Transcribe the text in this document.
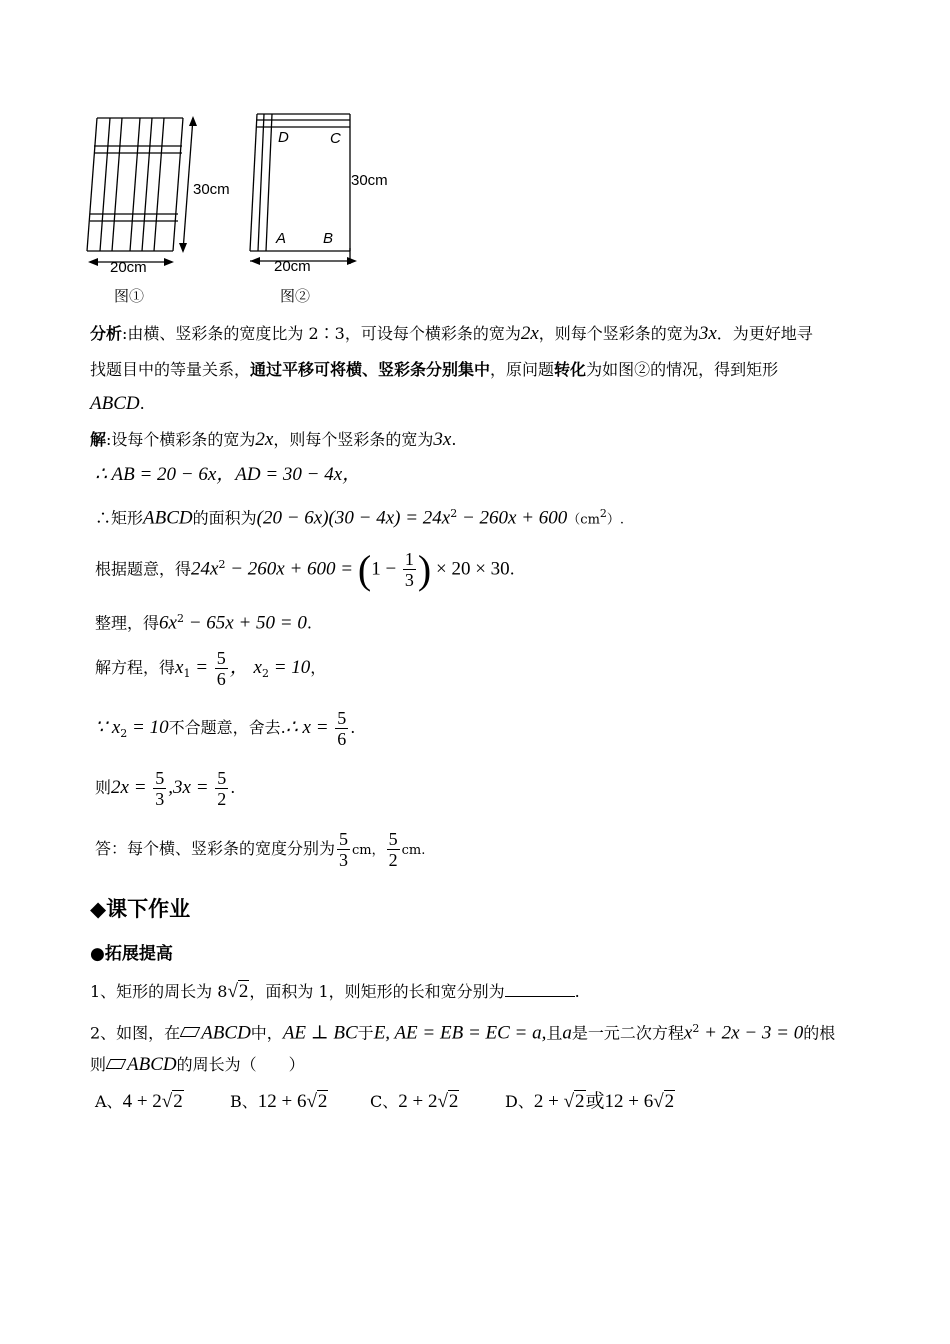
30cm
20cm
图①
D	C
A B
30cm
20cm
图②
分析:由横、竖彩条的宽度比为 2∶3，可设每个横彩条的宽为2x，则每个竖彩条的宽为3x．为更好地寻
找题目中的等量关系，通过平移可将横、竖彩条分别集中，原问题转化为如图②的情况，得到矩形
ABCD.
解:设每个横彩条的宽为2x，则每个竖彩条的宽为3x.
∴ AB = 20 − 6x，AD = 30 − 4x，
∴矩形ABCD的面积为$(20 - 6x)(30 - 4x) = 24x^2 - 260x + 600(cm^2)$.
根据题意，得$24x^2 - 260x + 600 = (1 - \frac{1}{3}$ ) × 20 × 30.
整理，得$6x^2 - 65x + 50 = 0$.
解方程，得$x_1 = \frac{5}{6}$ ， $x_2 = 10$，
∵ $x_2 = 10$不合题意，舍去.∴ $x = \frac{5}{6}$ .
则$2x = \frac{5}{3} ,3x = \frac{5}{2}$ .
答：每个横、竖彩条的宽度分别为 $\frac{5}{3}$ cm， $\frac{5}{2}$ cm.
◆课下作业
●拓展提高
1、矩形的周长为 8√2，面积为 1，则矩形的长和宽分别为	.
2、如图，在 ABCD中，AE ⊥ BC于E, AE = EB = EC = a,且a是一元二次方程$x^2 + 2x - 3 = 0$的根
则 ABCD的周长为（　　）
A、4 + 2√2	B、12 + 6√2	C、2 + 2√2	D、2 + √2或12 + 6√2
